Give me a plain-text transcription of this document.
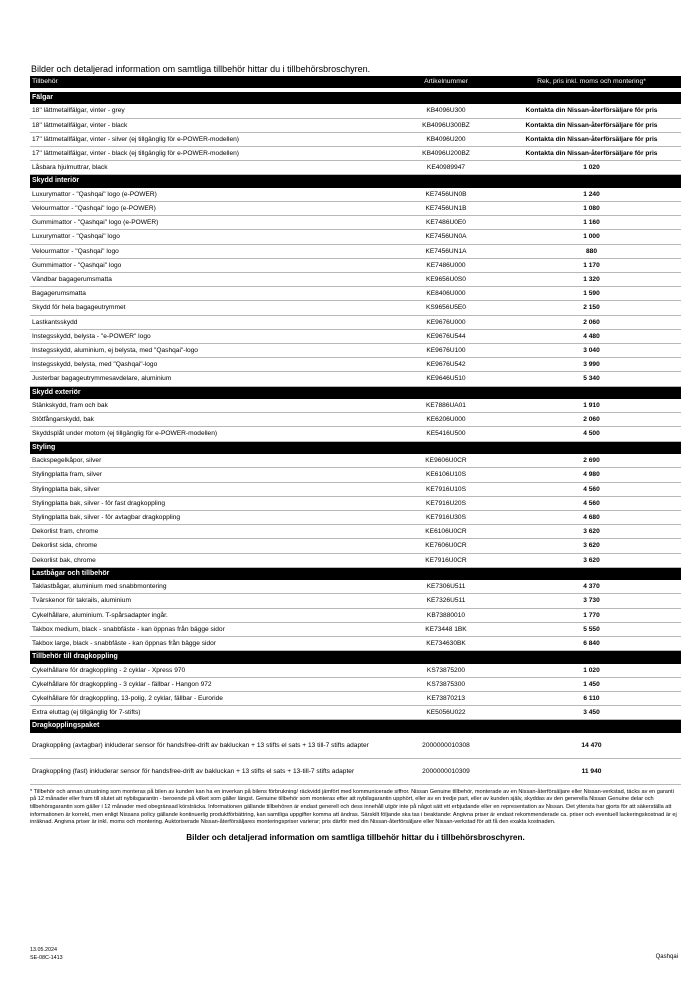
Bilder och detaljerad information om samtliga tillbehör hittar du i tillbehörsbroschyren.
Tillbehör	Artikelnummer	Rek, pris inkl. moms och montering*

Fälgar		
18'' lättmetallfälgar, vinter - grey	KB4096U300	Kontakta din Nissan-återförsäljare för pris
18'' lättmetallfälgar, vinter - black	KB4096U300BZ	Kontakta din Nissan-återförsäljare för pris
17'' lättmetallfälgar, vinter - silver (ej tillgänglig för e-POWER-modellen)	KB4096U200	Kontakta din Nissan-återförsäljare för pris
17'' lättmetallfälgar, vinter - black (ej tillgänglig för e-POWER-modellen)	KB4096U200BZ	Kontakta din Nissan-återförsäljare för pris
Låsbara hjulmuttrar, black	KE40989947	1 020
Skydd interiör		
Luxurymattor - "Qashqai" logo (e-POWER)	KE7456UN0B	1 240
Velourmattor - "Qashqai" logo (e-POWER)	KE7456UN1B	1 080
Gummimattor - "Qashqai" logo (e-POWER)	KE7486U0E0	1 160
Luxurymattor - "Qashqai" logo	KE7456UN0A	1 000
Velourmattor - "Qashqai" logo	KE7456UN1A	880
Gummimattor - "Qashqai" logo	KE7486U000	1 170
Vändbar bagagerumsmatta	KE9656U0S0	1 320
Bagagerumsmatta	KE8406U000	1 590
Skydd för hela bagageutrymmet	KS9656U5E0	2 150
Lastkantsskydd	KE9676U000	2 060
Instegsskydd, belysta - "e-POWER" logo	KE9676U544	4 480
Instegsskydd, aluminium, ej belysta, med "Qashqai"-logo	KE9676U100	3 040
Instegsskydd, belysta, med "Qashqai"-logo	KE9676U542	3 990
Justerbar bagageutrymmesavdelare, aluminium	KE9646U510	5 340
Skydd exteriör		
Stänkskydd, fram och bak	KE7886UA01	1 910
Stötfångarskydd, bak	KE6206U000	2 060
Skyddsplåt under motorn (ej tillgänglig för e-POWER-modellen)	KE5416U500	4 500
Styling		
Backspegelkåpor, silver	KE9606U0CR	2 690
Stylingplatta fram, silver	KE6106U10S	4 980
Stylingplatta bak, silver	KE7916U10S	4 560
Stylingplatta bak, silver - för fast dragkoppling	KE7916U20S	4 560
Stylingplatta bak, silver - för avtagbar dragkoppling	KE7916U30S	4 680
Dekorlist fram, chrome	KE6106U0CR	3 620
Dekorlist sida, chrome	KE7606U0CR	3 620
Dekorlist bak, chrome	KE7916U0CR	3 620
Lastbågar och tillbehör		
Taklastbågar, aluminium med snabbmontering	KE7306U511	4 370
Tvärskenor för takrails, aluminium	KE7326U511	3 730
Cykelhållare, aluminium. T-spårsadapter ingår.	KB73880010	1 770
Takbox medium, black - snabbfäste - kan öppnas från bägge sidor	KE73448 1BK	5 550
Takbox large, black - snabbfäste - kan öppnas från bägge sidor	KE734630BK	6 840
Tillbehör till dragkoppling		
Cykelhållare för dragkoppling - 2 cyklar - Xpress 970	KS73875200	1 020
Cykelhållare för dragkoppling - 3 cyklar - fällbar - Hangon 972	KS73875300	1 450
Cykelhållare för dragkoppling, 13-polig, 2 cyklar, fällbar - Euroride	KE73870213	6 110
Extra eluttag (ej tillgänglig för 7-stifts)	KE5056U022	3 450
Dragkopplingspaket		
Dragkoppling (avtagbar) inkluderar sensor för handsfree-drift av bakluckan + 13 stifts el sats + 13 till-7 stifts adapter	2000000010308	14 470
Dragkoppling (fast) inkluderar sensor för handsfree-drift av bakluckan + 13 stifts el sats + 13-till-7 stifts adapter	2000000010309	11 940
* Tillbehör och annan utrustning som monteras på bilen av kunden kan ha en inverkan på bilens förbrukning/ räckvidd jämfört med kommunicerade siffror. Nissan Genuine tillbehör, monterade av en Nissan-återförsäljare eller Nissan-verkstad, täcks av en garanti på 12 månader eller fram till slutet att nybilsgarantin - beroende på vilket som gäller längst. Genuine tillbehör som monteras efter att nybilsgarantin upphört, eller av en tredje part, eller av kunden själv, skyddas av den generella Nissan Genuine delar och tillbehörsgarantin som gäller i 12 månader med obegränsad körsträcka. Informationen gällande tillbehören är endast generell och dess innehåll utgör inte på något sätt ett erbjudande eller en representation av Nissan. Det yttersta har gjorts för att säkerställa att informationen är korrekt, men enligt Nissans policy gällande kontinuerlig produktförbättring, kan samtliga uppgifter komma att ändras. Särskilt följande ska tas i beaktande: Angivna priser är endast rekommenderade ca. priser och eventuell lackeringskostnad är ej inräknad. Angivna priser är inkl. moms och montering. Auktoriserade Nissan-återförsäljares monteringspriser varierar; pris därför med din Nissan-återförsäljare eller Nissan-verkstad för att få den exakta kostnaden.
Bilder och detaljerad information om samtliga tillbehör hittar du i tillbehörsbroschyren.
13.05.2024
SE-08C-1413	Qashqai
